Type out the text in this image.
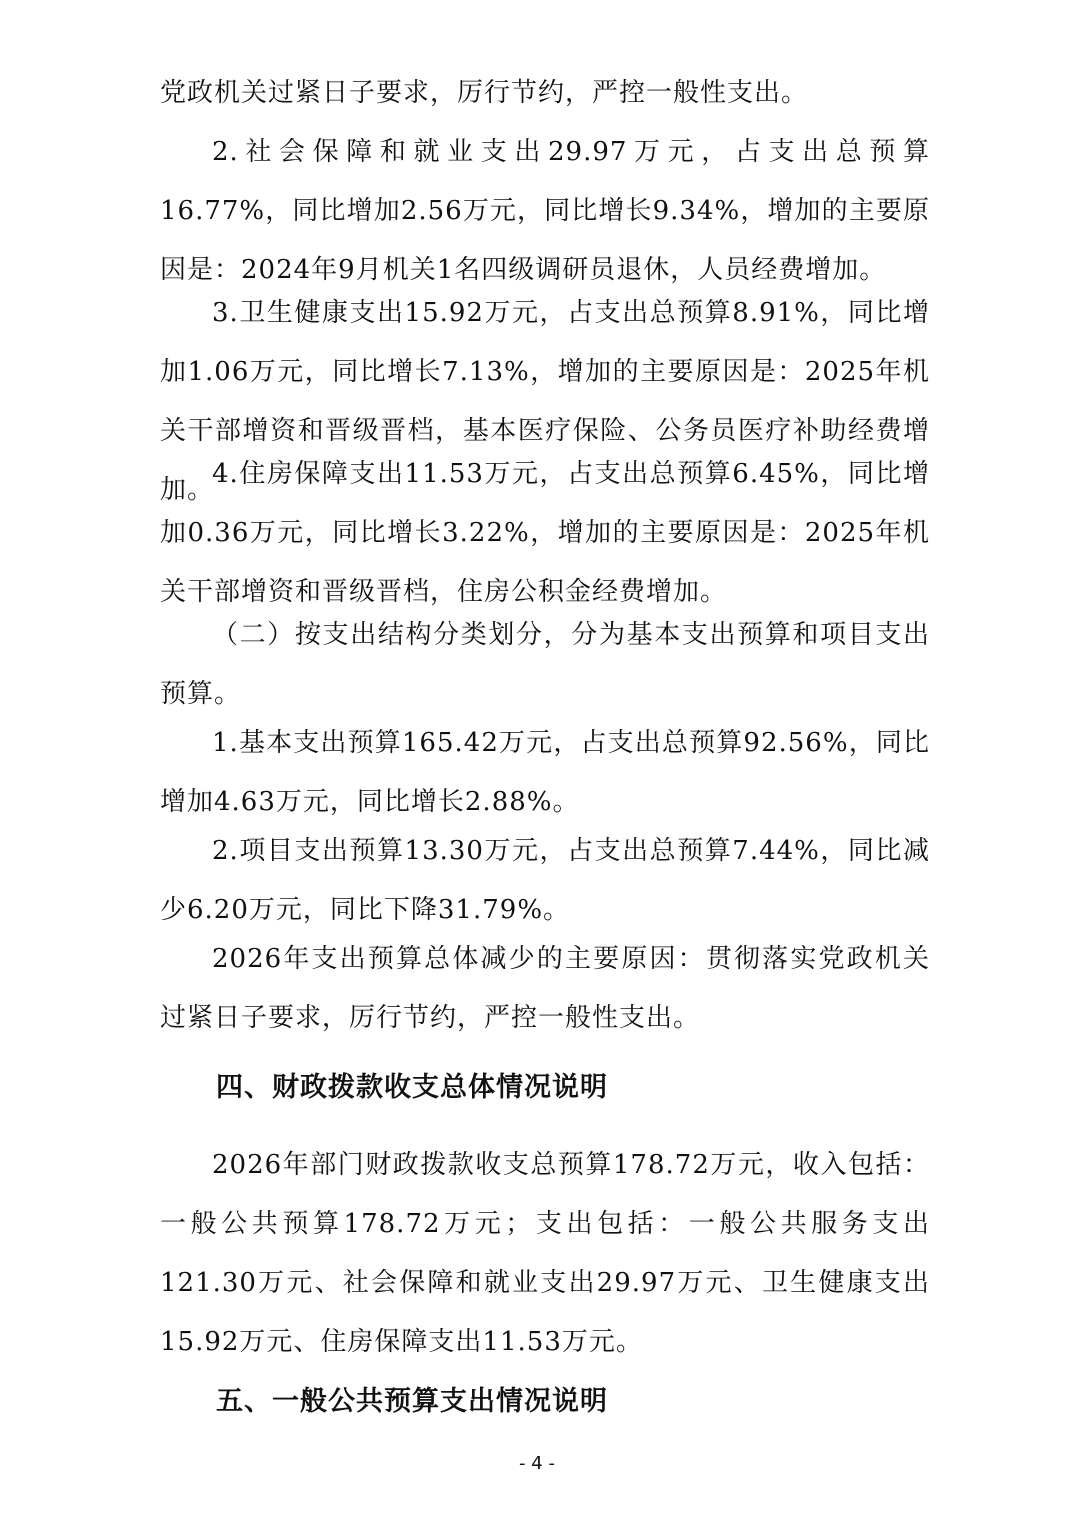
党政机关过紧日子要求，厉行节约，严控一般性支出。

2.社会保障和就业支出29.97万元，占支出总预算16.77%，同比增加2.56万元，同比增长9.34%，增加的主要原因是：2024年9月机关1名四级调研员退休，人员经费增加。

3.卫生健康支出15.92万元，占支出总预算8.91%，同比增加1.06万元，同比增长7.13%，增加的主要原因是：2025年机关干部增资和晋级晋档，基本医疗保险、公务员医疗补助经费增加。

4.住房保障支出11.53万元，占支出总预算6.45%，同比增加0.36万元，同比增长3.22%，增加的主要原因是：2025年机关干部增资和晋级晋档，住房公积金经费增加。

（二）按支出结构分类划分，分为基本支出预算和项目支出预算。

1.基本支出预算165.42万元，占支出总预算92.56%，同比增加4.63万元，同比增长2.88%。

2.项目支出预算13.30万元，占支出总预算7.44%，同比减少6.20万元，同比下降31.79%。

2026年支出预算总体减少的主要原因：贯彻落实党政机关过紧日子要求，厉行节约，严控一般性支出。

四、财政拨款收支总体情况说明

2026年部门财政拨款收支总预算178.72万元，收入包括：一般公共预算178.72万元；支出包括：一般公共服务支出121.30万元、社会保障和就业支出29.97万元、卫生健康支出15.92万元、住房保障支出11.53万元。

五、一般公共预算支出情况说明
- 4 -
